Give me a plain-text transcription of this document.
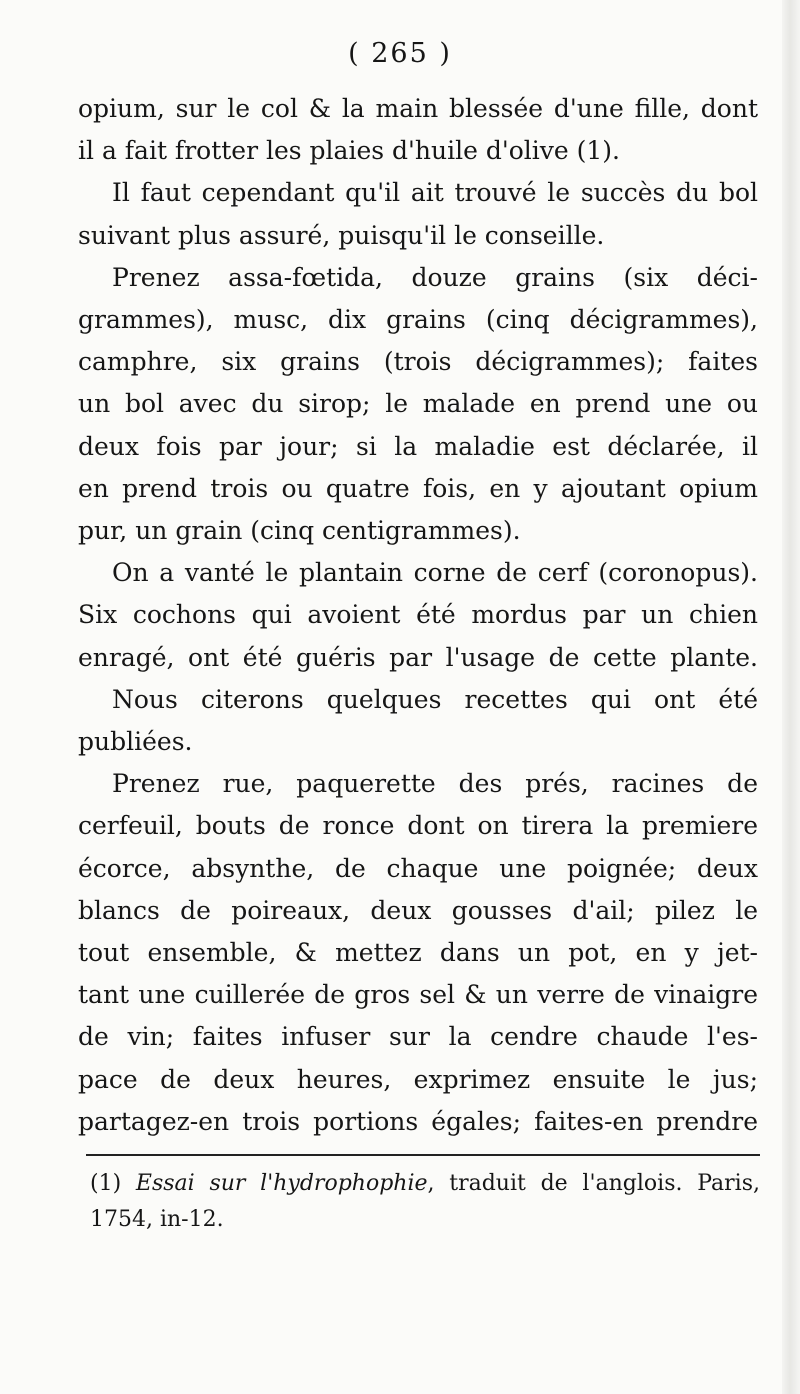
( 265 )
opium, sur le col & la main blessée d'une fille, dont
il a fait frotter les plaies d'huile d'olive (1).
Il faut cependant qu'il ait trouvé le succès du bol
suivant plus assuré, puisqu'il le conseille.
Prenez assa-fœtida, douze grains (six déci-
grammes), musc, dix grains (cinq décigrammes),
camphre, six grains (trois décigrammes); faites
un bol avec du sirop; le malade en prend une ou
deux fois par jour; si la maladie est déclarée, il
en prend trois ou quatre fois, en y ajoutant opium
pur, un grain (cinq centigrammes).
On a vanté le plantain corne de cerf (coronopus).
Six cochons qui avoient été mordus par un chien
enragé, ont été guéris par l'usage de cette plante.
Nous citerons quelques recettes qui ont été
publiées.
Prenez rue, paquerette des prés, racines de
cerfeuil, bouts de ronce dont on tirera la premiere
écorce, absynthe, de chaque une poignée; deux
blancs de poireaux, deux gousses d'ail; pilez le
tout ensemble, & mettez dans un pot, en y jet-
tant une cuillerée de gros sel & un verre de vinaigre
de vin; faites infuser sur la cendre chaude l'es-
pace de deux heures, exprimez ensuite le jus;
partagez-en trois portions égales; faites-en prendre
(1) Essai sur l'hydrophophie, traduit de l'anglois. Paris,
1754, in-12.
